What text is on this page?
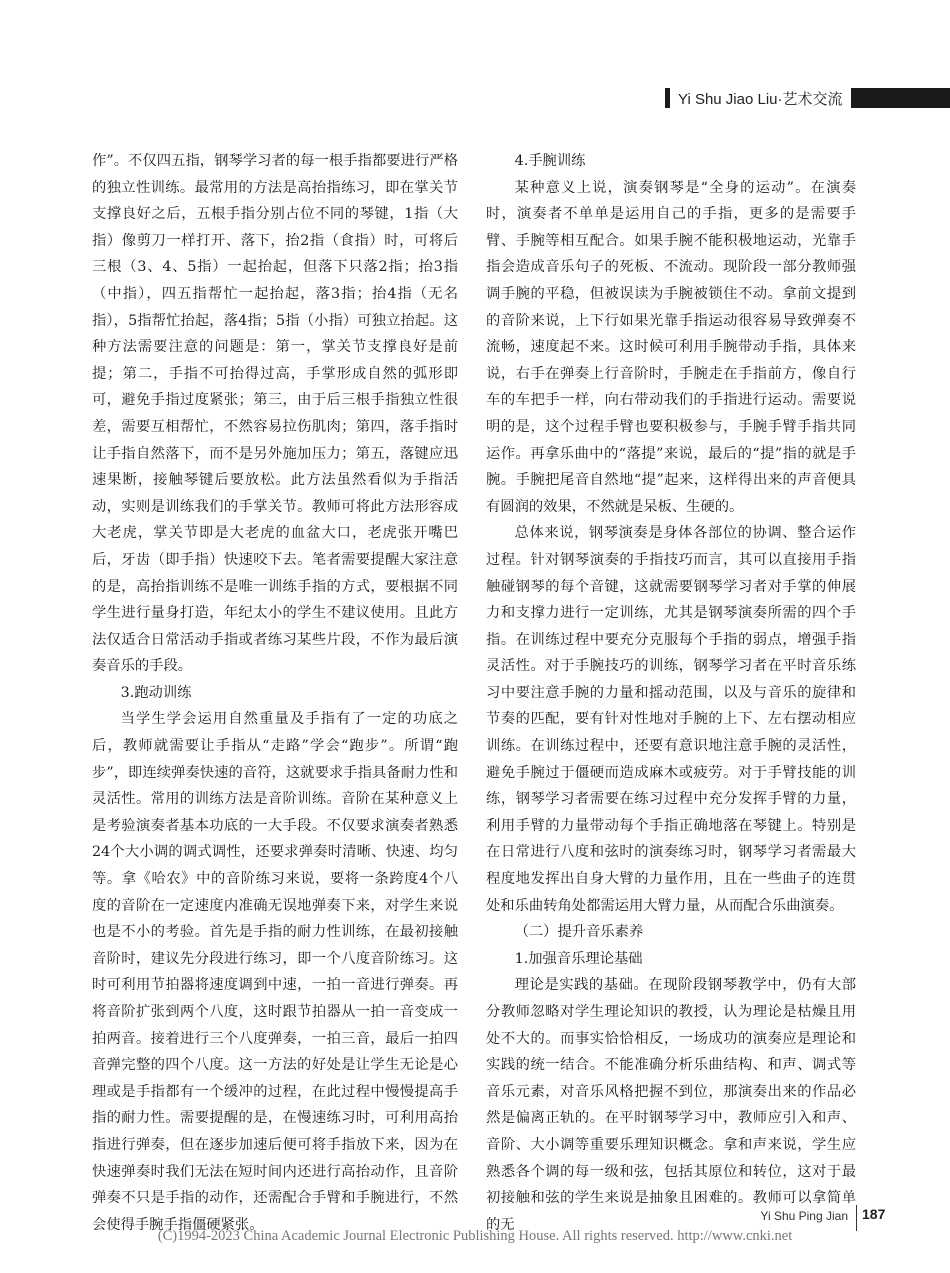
Yi Shu Jiao Liu·艺术交流

作”。不仅四五指，钢琴学习者的每一根手指都要进行严格的独立性训练。最常用的方法是高抬指练习，即在掌关节支撑良好之后，五根手指分别占位不同的琴键，1指（大指）像剪刀一样打开、落下，抬2指（食指）时，可将后三根（3、4、5指）一起抬起，但落下只落2指；抬3指（中指），四五指帮忙一起抬起，落3指；抬4指（无名指），5指帮忙抬起，落4指；5指（小指）可独立抬起。这种方法需要注意的问题是：第一，掌关节支撑良好是前提；第二，手指不可抬得过高，手掌形成自然的弧形即可，避免手指过度紧张；第三，由于后三根手指独立性很差，需要互相帮忙，不然容易拉伤肌肉；第四，落手指时让手指自然落下，而不是另外施加压力；第五，落键应迅速果断，接触琴键后要放松。此方法虽然看似为手指活动，实则是训练我们的手掌关节。教师可将此方法形容成大老虎，掌关节即是大老虎的血盆大口，老虎张开嘴巴后，牙齿（即手指）快速咬下去。笔者需要提醒大家注意的是，高抬指训练不是唯一训练手指的方式，要根据不同学生进行量身打造，年纪太小的学生不建议使用。且此方法仅适合日常活动手指或者练习某些片段，不作为最后演奏音乐的手段。

3.跑动训练

当学生学会运用自然重量及手指有了一定的功底之后，教师就需要让手指从“走路”学会“跑步”。所谓“跑步”，即连续弹奏快速的音符，这就要求手指具备耐力性和灵活性。常用的训练方法是音阶训练。音阶在某种意义上是考验演奏者基本功底的一大手段。不仅要求演奏者熟悉24个大小调的调式调性，还要求弹奏时清晰、快速、均匀等。拿《哈农》中的音阶练习来说，要将一条跨度4个八度的音阶在一定速度内准确无误地弹奏下来，对学生来说也是不小的考验。首先是手指的耐力性训练，在最初接触音阶时，建议先分段进行练习，即一个八度音阶练习。这时可利用节拍器将速度调到中速，一拍一音进行弹奏。再将音阶扩张到两个八度，这时跟节拍器从一拍一音变成一拍两音。接着进行三个八度弹奏，一拍三音，最后一拍四音弹完整的四个八度。这一方法的好处是让学生无论是心理或是手指都有一个缓冲的过程，在此过程中慢慢提高手指的耐力性。需要提醒的是，在慢速练习时，可利用高抬指进行弹奏，但在逐步加速后便可将手指放下来，因为在快速弹奏时我们无法在短时间内还进行高抬动作，且音阶弹奏不只是手指的动作，还需配合手臂和手腕进行，不然会使得手腕手指僵硬紧张。

4.手腕训练

某种意义上说，演奏钢琴是“全身的运动”。在演奏时，演奏者不单单是运用自己的手指，更多的是需要手臂、手腕等相互配合。如果手腕不能积极地运动，光靠手指会造成音乐句子的死板、不流动。现阶段一部分教师强调手腕的平稳，但被误读为手腕被锁住不动。拿前文提到的音阶来说，上下行如果光靠手指运动很容易导致弹奏不流畅，速度起不来。这时候可利用手腕带动手指，具体来说，右手在弹奏上行音阶时，手腕走在手指前方，像自行车的车把手一样，向右带动我们的手指进行运动。需要说明的是，这个过程手臂也要积极参与，手腕手臂手指共同运作。再拿乐曲中的“落提”来说，最后的“提”指的就是手腕。手腕把尾音自然地“提”起来，这样得出来的声音便具有圆润的效果，不然就是呆板、生硬的。

总体来说，钢琴演奏是身体各部位的协调、整合运作过程。针对钢琴演奏的手指技巧而言，其可以直接用手指触碰钢琴的每个音键，这就需要钢琴学习者对手掌的伸展力和支撑力进行一定训练，尤其是钢琴演奏所需的四个手指。在训练过程中要充分克服每个手指的弱点，增强手指灵活性。对于手腕技巧的训练，钢琴学习者在平时音乐练习中要注意手腕的力量和摇动范围，以及与音乐的旋律和节奏的匹配，要有针对性地对手腕的上下、左右摆动相应训练。在训练过程中，还要有意识地注意手腕的灵活性，避免手腕过于僵硬而造成麻木或疲劳。对于手臂技能的训练，钢琴学习者需要在练习过程中充分发挥手臂的力量，利用手臂的力量带动每个手指正确地落在琴键上。特别是在日常进行八度和弦时的演奏练习时，钢琴学习者需最大程度地发挥出自身大臂的力量作用，且在一些曲子的连贯处和乐曲转角处都需运用大臂力量，从而配合乐曲演奏。

（二）提升音乐素养

1.加强音乐理论基础

理论是实践的基础。在现阶段钢琴教学中，仍有大部分教师忽略对学生理论知识的教授，认为理论是枯燥且用处不大的。而事实恰恰相反，一场成功的演奏应是理论和实践的统一结合。不能准确分析乐曲结构、和声、调式等音乐元素，对音乐风格把握不到位，那演奏出来的作品必然是偏离正轨的。在平时钢琴学习中，教师应引入和声、音阶、大小调等重要乐理知识概念。拿和声来说，学生应熟悉各个调的每一级和弦，包括其原位和转位，这对于最初接触和弦的学生来说是抽象且困难的。教师可以拿简单的无

Yi Shu Ping Jian 187
(C)1994-2023 China Academic Journal Electronic Publishing House. All rights reserved. http://www.cnki.net
